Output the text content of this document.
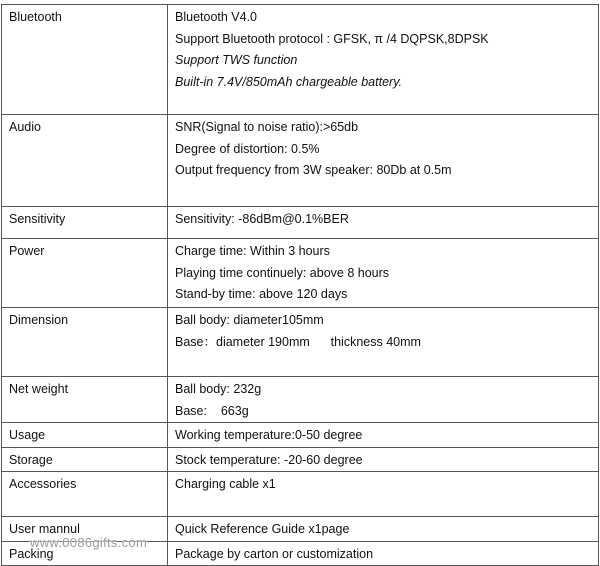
Bluetooth	Bluetooth V4.0
Support Bluetooth protocol : GFSK, π /4 DQPSK,8DPSK
Support TWS function
Built-in 7.4V/850mAh chargeable battery.

Audio	SNR(Signal to noise ratio):>65db
Degree of distortion: 0.5%
Output frequency from 3W speaker: 80Db at 0.5m

Sensitivity	Sensitivity: -86dBm@0.1%BER

Power	Charge time: Within 3 hours
Playing time continuely: above 8 hours
Stand-by time: above 120 days

Dimension	Ball body: diameter105mm
Base：diameter 190mm      thickness 40mm

Net weight	Ball body: 232g
Base:    663g

Usage	Working temperature:0-50 degree

Storage	Stock temperature: -20-60 degree

Accessories	Charging cable x1

User mannul	Quick Reference Guide x1page

Packing	Package by carton or customization
www.0086gifts.com
